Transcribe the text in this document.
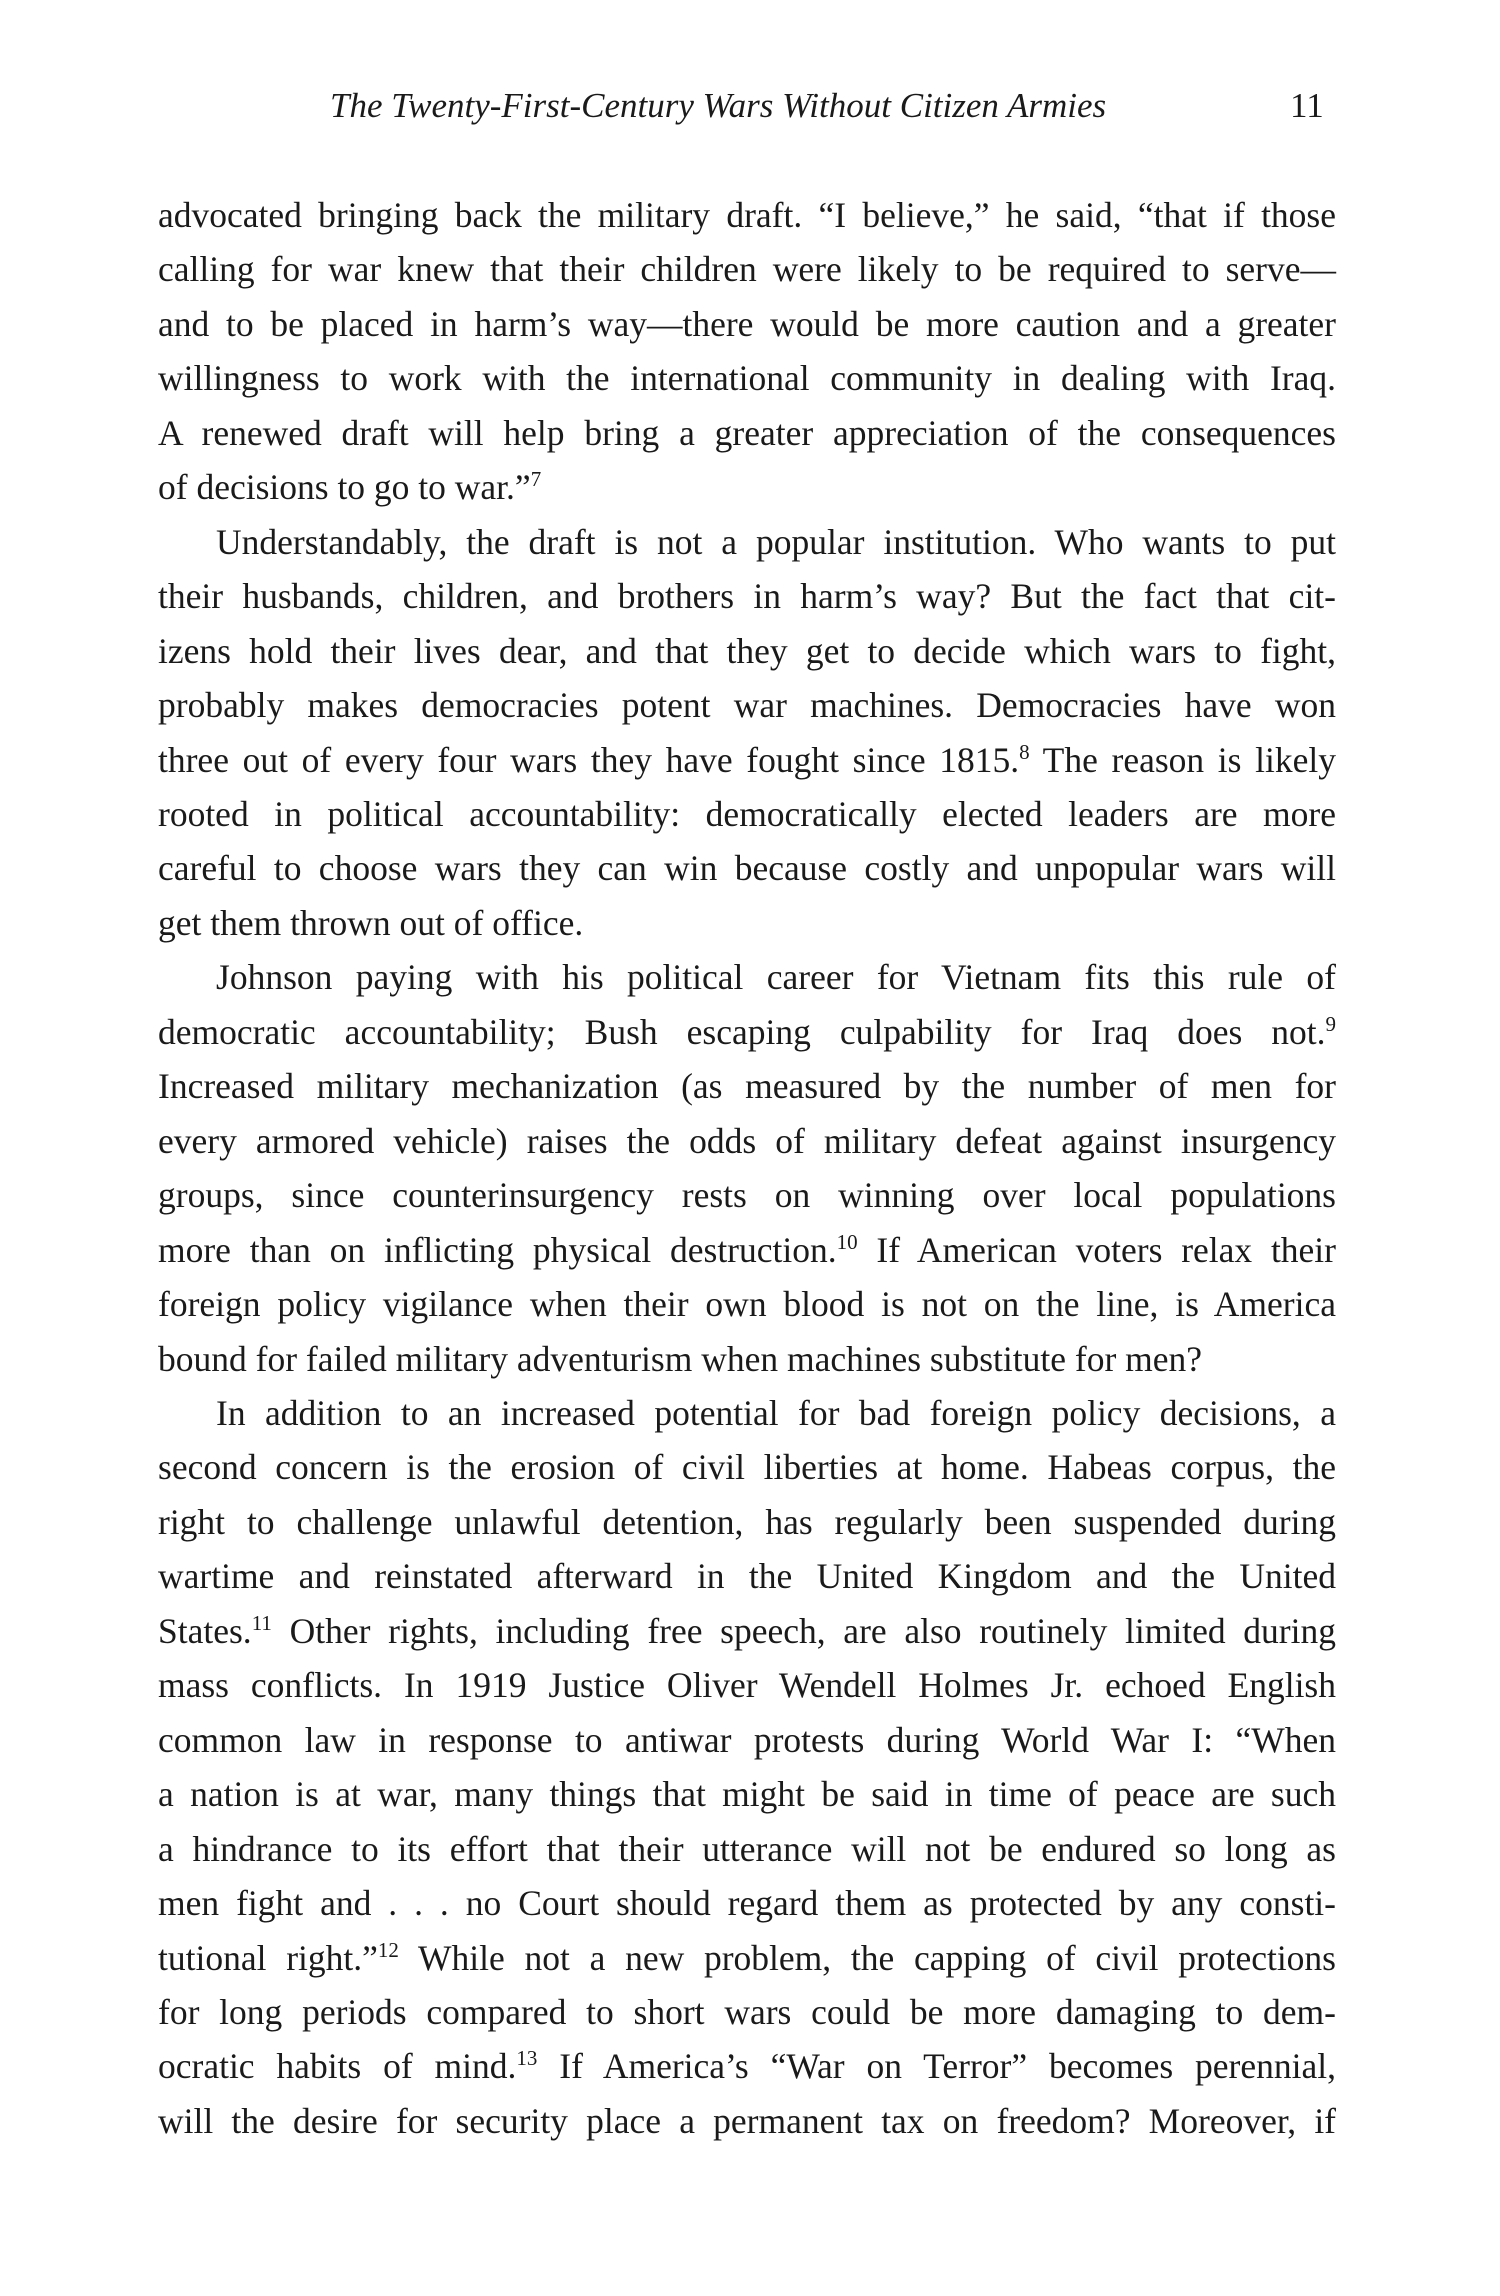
The Twenty-First-Century Wars Without Citizen Armies	11
advocated bringing back the military draft. “I believe,” he said, “that if those
calling for war knew that their children were likely to be required to serve—
and to be placed in harm’s way—there would be more caution and a greater
willingness to work with the international community in dealing with Iraq.
A renewed draft will help bring a greater appreciation of the consequences
of decisions to go to war.”$^7$
Understandably, the draft is not a popular institution. Who wants to put
their husbands, children, and brothers in harm’s way? But the fact that cit-
izens hold their lives dear, and that they get to decide which wars to fight,
probably makes democracies potent war machines. Democracies have won
three out of every four wars they have fought since 1815.$^8$ The reason is likely
rooted in political accountability: democratically elected leaders are more
careful to choose wars they can win because costly and unpopular wars will
get them thrown out of office.
Johnson paying with his political career for Vietnam fits this rule of
democratic accountability; Bush escaping culpability for Iraq does not.$^9$
Increased military mechanization (as measured by the number of men for
every armored vehicle) raises the odds of military defeat against insurgency
groups, since counterinsurgency rests on winning over local populations
more than on inflicting physical destruction.$^{10}$ If American voters relax their
foreign policy vigilance when their own blood is not on the line, is America
bound for failed military adventurism when machines substitute for men?
In addition to an increased potential for bad foreign policy decisions, a
second concern is the erosion of civil liberties at home. Habeas corpus, the
right to challenge unlawful detention, has regularly been suspended during
wartime and reinstated afterward in the United Kingdom and the United
States.$^{11}$ Other rights, including free speech, are also routinely limited during
mass conflicts. In 1919 Justice Oliver Wendell Holmes Jr. echoed English
common law in response to antiwar protests during World War I: “When
a nation is at war, many things that might be said in time of peace are such
a hindrance to its effort that their utterance will not be endured so long as
men fight and . . . no Court should regard them as protected by any consti-
tutional right.”$^{12}$ While not a new problem, the capping of civil protections
for long periods compared to short wars could be more damaging to dem-
ocratic habits of mind.$^{13}$ If America’s “War on Terror” becomes perennial,
will the desire for security place a permanent tax on freedom? Moreover, if
